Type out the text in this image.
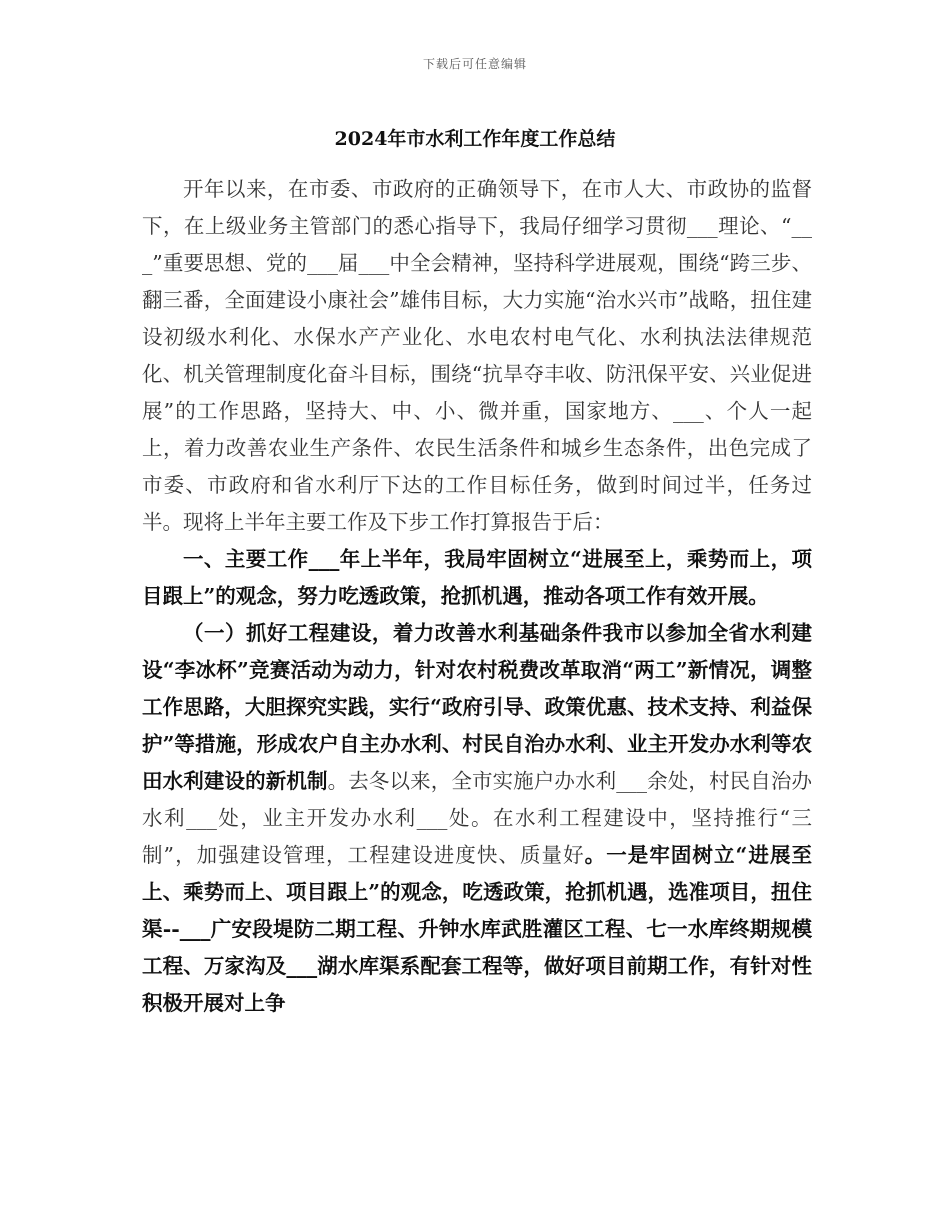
下载后可任意编辑
2024年市水利工作年度工作总结

开年以来，在市委、市政府的正确领导下，在市人大、市政协的监督下，在上级业务主管部门的悉心指导下，我局仔细学习贯彻___理论、“___”重要思想、党的___届___中全会精神，坚持科学进展观，围绕“跨三步、翻三番，全面建设小康社会”雄伟目标，大力实施“治水兴市”战略，扭住建设初级水利化、水保水产产业化、水电农村电气化、水利执法法律规范化、机关管理制度化奋斗目标，围绕“抗旱夺丰收、防汛保平安、兴业促进展”的工作思路，坚持大、中、小、微并重，国家地方、___、个人一起上，着力改善农业生产条件、农民生活条件和城乡生态条件，出色完成了市委、市政府和省水利厅下达的工作目标任务，做到时间过半，任务过半。现将上半年主要工作及下步工作打算报告于后：

一、主要工作___年上半年，我局牢固树立“进展至上，乘势而上，项目跟上”的观念，努力吃透政策，抢抓机遇，推动各项工作有效开展。

（一）抓好工程建设，着力改善水利基础条件我市以参加全省水利建设“李冰杯”竞赛活动为动力，针对农村税费改革取消“两工”新情况，调整工作思路，大胆探究实践，实行“政府引导、政策优惠、技术支持、利益保护”等措施，形成农户自主办水利、村民自治办水利、业主开发办水利等农田水利建设的新机制。去冬以来，全市实施户办水利___余处，村民自治办水利___处，业主开发办水利___处。在水利工程建设中，坚持推行“三制”，加强建设管理，工程建设进度快、质量好。一是牢固树立“进展至上、乘势而上、项目跟上”的观念，吃透政策，抢抓机遇，选准项目，扭住渠--___广安段堤防二期工程、升钟水库武胜灌区工程、七一水库终期规模工程、万家沟及___湖水库渠系配套工程等，做好项目前期工作，有针对性积极开展对上争
